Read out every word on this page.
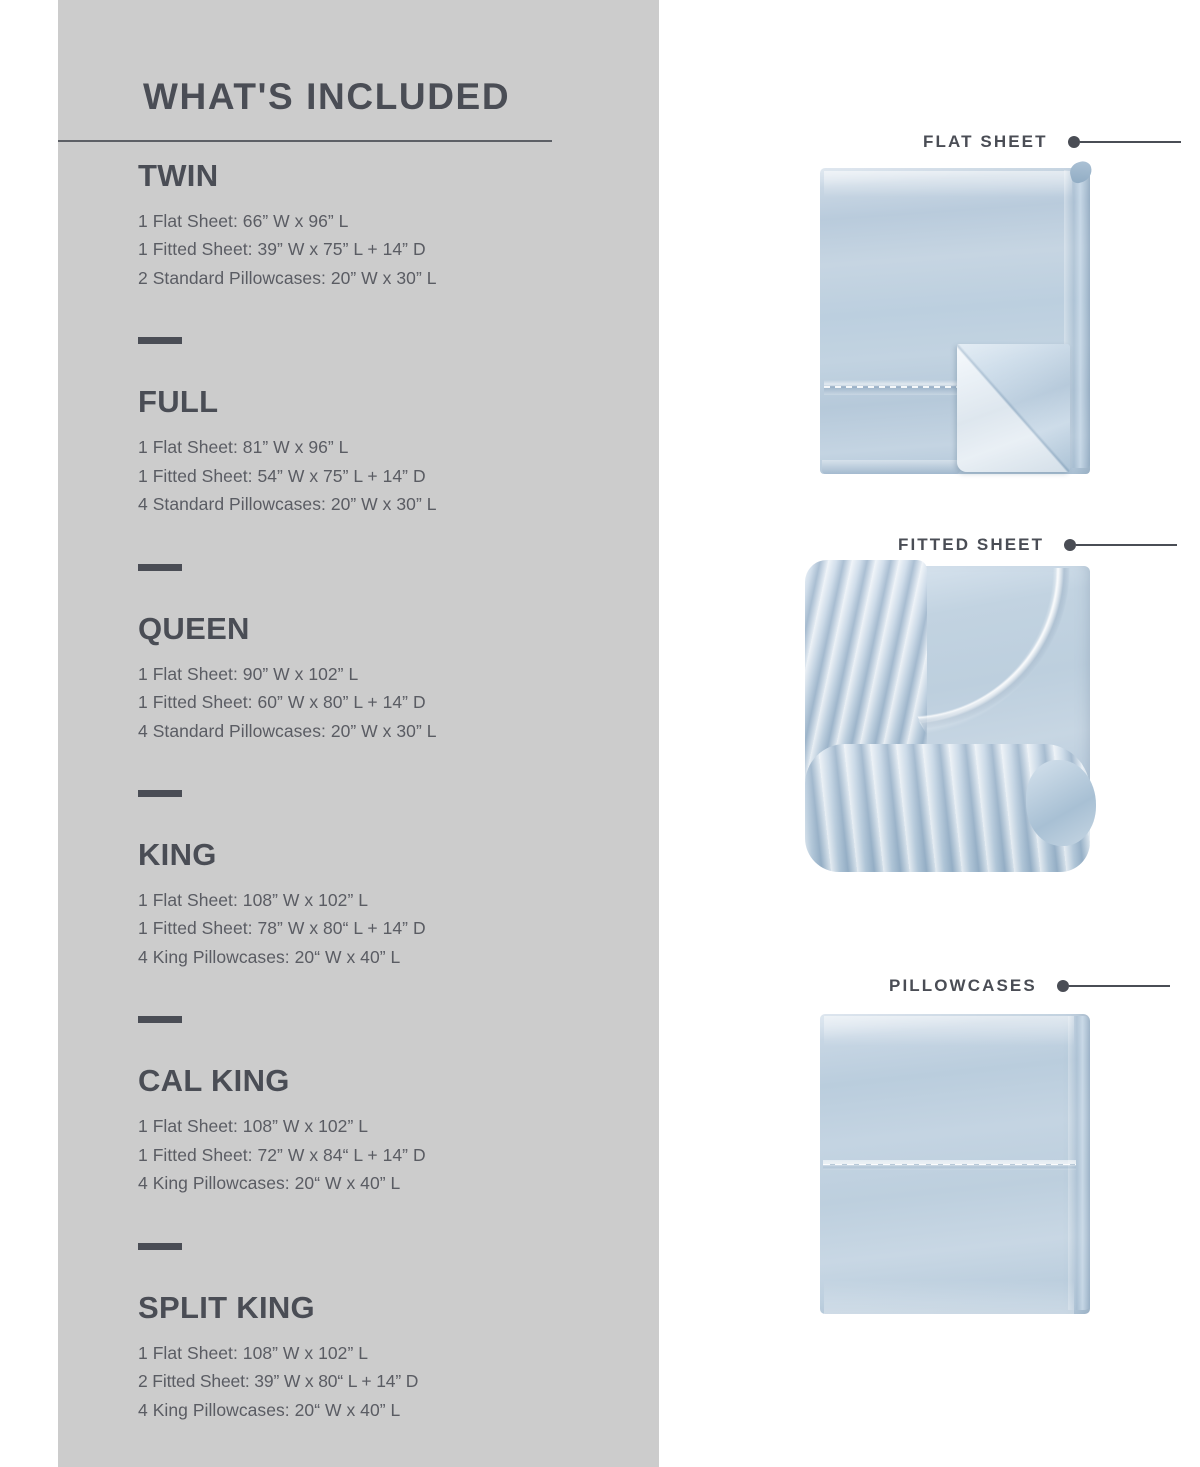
WHAT'S INCLUDED
TWIN
1 Flat Sheet: 66” W x 96” L
1 Fitted Sheet: 39” W x 75” L + 14” D
2 Standard Pillowcases: 20” W x 30” L
FULL
1 Flat Sheet: 81” W x 96” L
1 Fitted Sheet: 54” W x 75” L + 14” D
4 Standard Pillowcases: 20” W x 30” L
QUEEN
1 Flat Sheet: 90” W x 102” L
1 Fitted Sheet: 60” W x 80” L + 14” D
4 Standard Pillowcases: 20” W x 30” L
KING
1 Flat Sheet: 108” W x 102” L
1 Fitted Sheet: 78” W x 80“ L + 14” D
4 King Pillowcases: 20“ W x 40” L
CAL KING
1 Flat Sheet: 108” W x 102” L
1 Fitted Sheet: 72” W x 84“ L + 14” D
4 King Pillowcases: 20“ W x 40” L
SPLIT KING
1 Flat Sheet: 108” W x 102” L
2 Fitted Sheet: 39” W x 80“ L + 14” D
4 King Pillowcases: 20“ W x 40” L
FLAT SHEET
FITTED SHEET
PILLOWCASES
